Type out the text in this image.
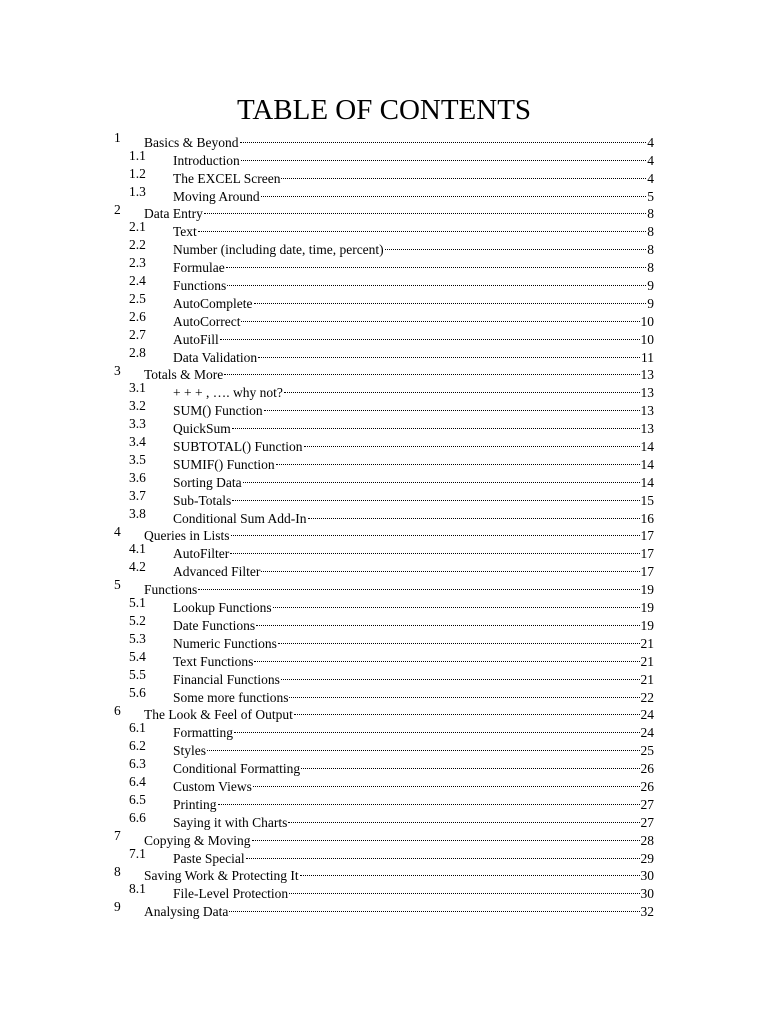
TABLE OF CONTENTS
1 Basics & Beyond	4
1.1 Introduction	4
1.2 The EXCEL Screen	4
1.3 Moving Around	5
2 Data Entry	8
2.1 Text	8
2.2 Number (including date, time, percent)	8
2.3 Formulae	8
2.4 Functions	9
2.5 AutoComplete	9
2.6 AutoCorrect	10
2.7 AutoFill	10
2.8 Data Validation	11
3 Totals & More	13
3.1 + + + , …. why not?	13
3.2 SUM() Function	13
3.3 QuickSum	13
3.4 SUBTOTAL() Function	14
3.5 SUMIF() Function	14
3.6 Sorting Data	14
3.7 Sub-Totals	15
3.8 Conditional Sum Add-In	16
4 Queries in Lists	17
4.1 AutoFilter	17
4.2 Advanced Filter	17
5 Functions	19
5.1 Lookup Functions	19
5.2 Date Functions	19
5.3 Numeric Functions	21
5.4 Text Functions	21
5.5 Financial Functions	21
5.6 Some more functions	22
6 The Look & Feel of Output	24
6.1 Formatting	24
6.2 Styles	25
6.3 Conditional Formatting	26
6.4 Custom Views	26
6.5 Printing	27
6.6 Saying it with Charts	27
7 Copying & Moving	28
7.1 Paste Special	29
8 Saving Work & Protecting It	30
8.1 File-Level Protection	30
9 Analysing Data	32
